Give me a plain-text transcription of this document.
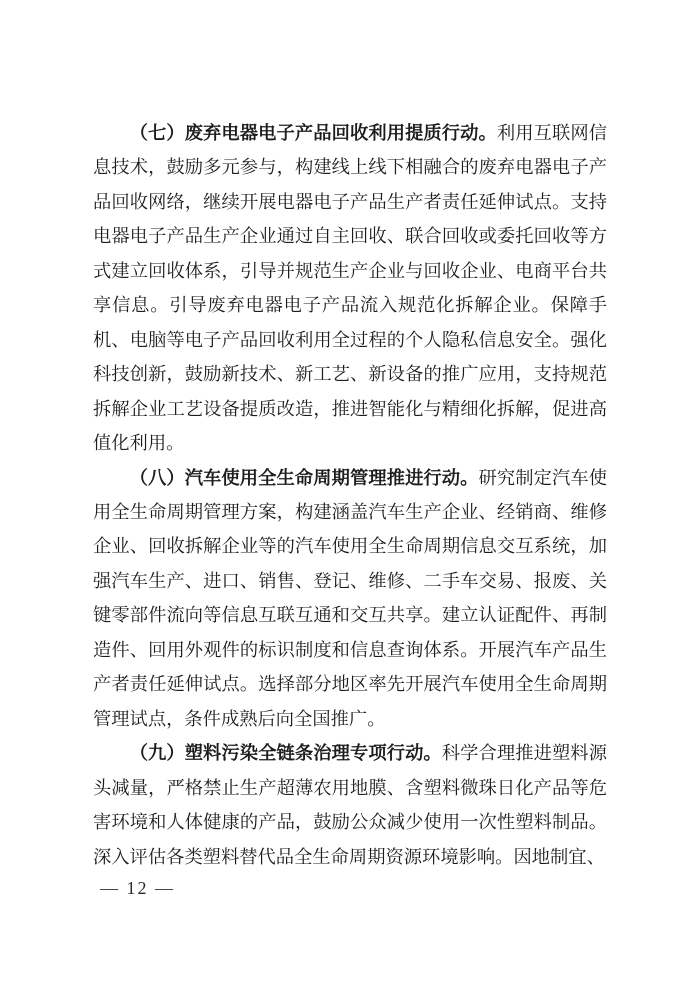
（七）废弃电器电子产品回收利用提质行动。利用互联网信息技术，鼓励多元参与，构建线上线下相融合的废弃电器电子产品回收网络，继续开展电器电子产品生产者责任延伸试点。支持电器电子产品生产企业通过自主回收、联合回收或委托回收等方式建立回收体系，引导并规范生产企业与回收企业、电商平台共享信息。引导废弃电器电子产品流入规范化拆解企业。保障手机、电脑等电子产品回收利用全过程的个人隐私信息安全。强化科技创新，鼓励新技术、新工艺、新设备的推广应用，支持规范拆解企业工艺设备提质改造，推进智能化与精细化拆解，促进高值化利用。

（八）汽车使用全生命周期管理推进行动。研究制定汽车使用全生命周期管理方案，构建涵盖汽车生产企业、经销商、维修企业、回收拆解企业等的汽车使用全生命周期信息交互系统，加强汽车生产、进口、销售、登记、维修、二手车交易、报废、关键零部件流向等信息互联互通和交互共享。建立认证配件、再制造件、回用外观件的标识制度和信息查询体系。开展汽车产品生产者责任延伸试点。选择部分地区率先开展汽车使用全生命周期管理试点，条件成熟后向全国推广。

（九）塑料污染全链条治理专项行动。科学合理推进塑料源头减量，严格禁止生产超薄农用地膜、含塑料微珠日化产品等危害环境和人体健康的产品，鼓励公众减少使用一次性塑料制品。深入评估各类塑料替代品全生命周期资源环境影响。因地制宜、

— 12 —
